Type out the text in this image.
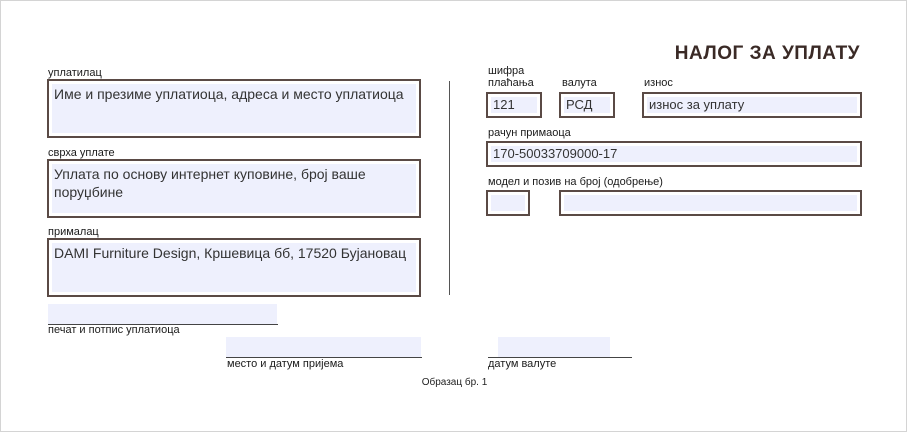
НАЛОГ ЗА УПЛАТУ
уплатилац
Име и презиме уплатиоца, адреса и место уплатиоца
сврха уплате
Уплата по основу интернет куповине, број ваше поруџбине
прималац
DAMI Furniture Design, Кршевица бб, 17520 Бујановац
печат и потпис уплатиоца
шифра
плаћања	валута	износ
121	РСД	износ за уплату
рачун примаоца
170-50033709000-17
модел и позив на број (одобрење)
место и датум пријема	датум валуте
Образац бр. 1
